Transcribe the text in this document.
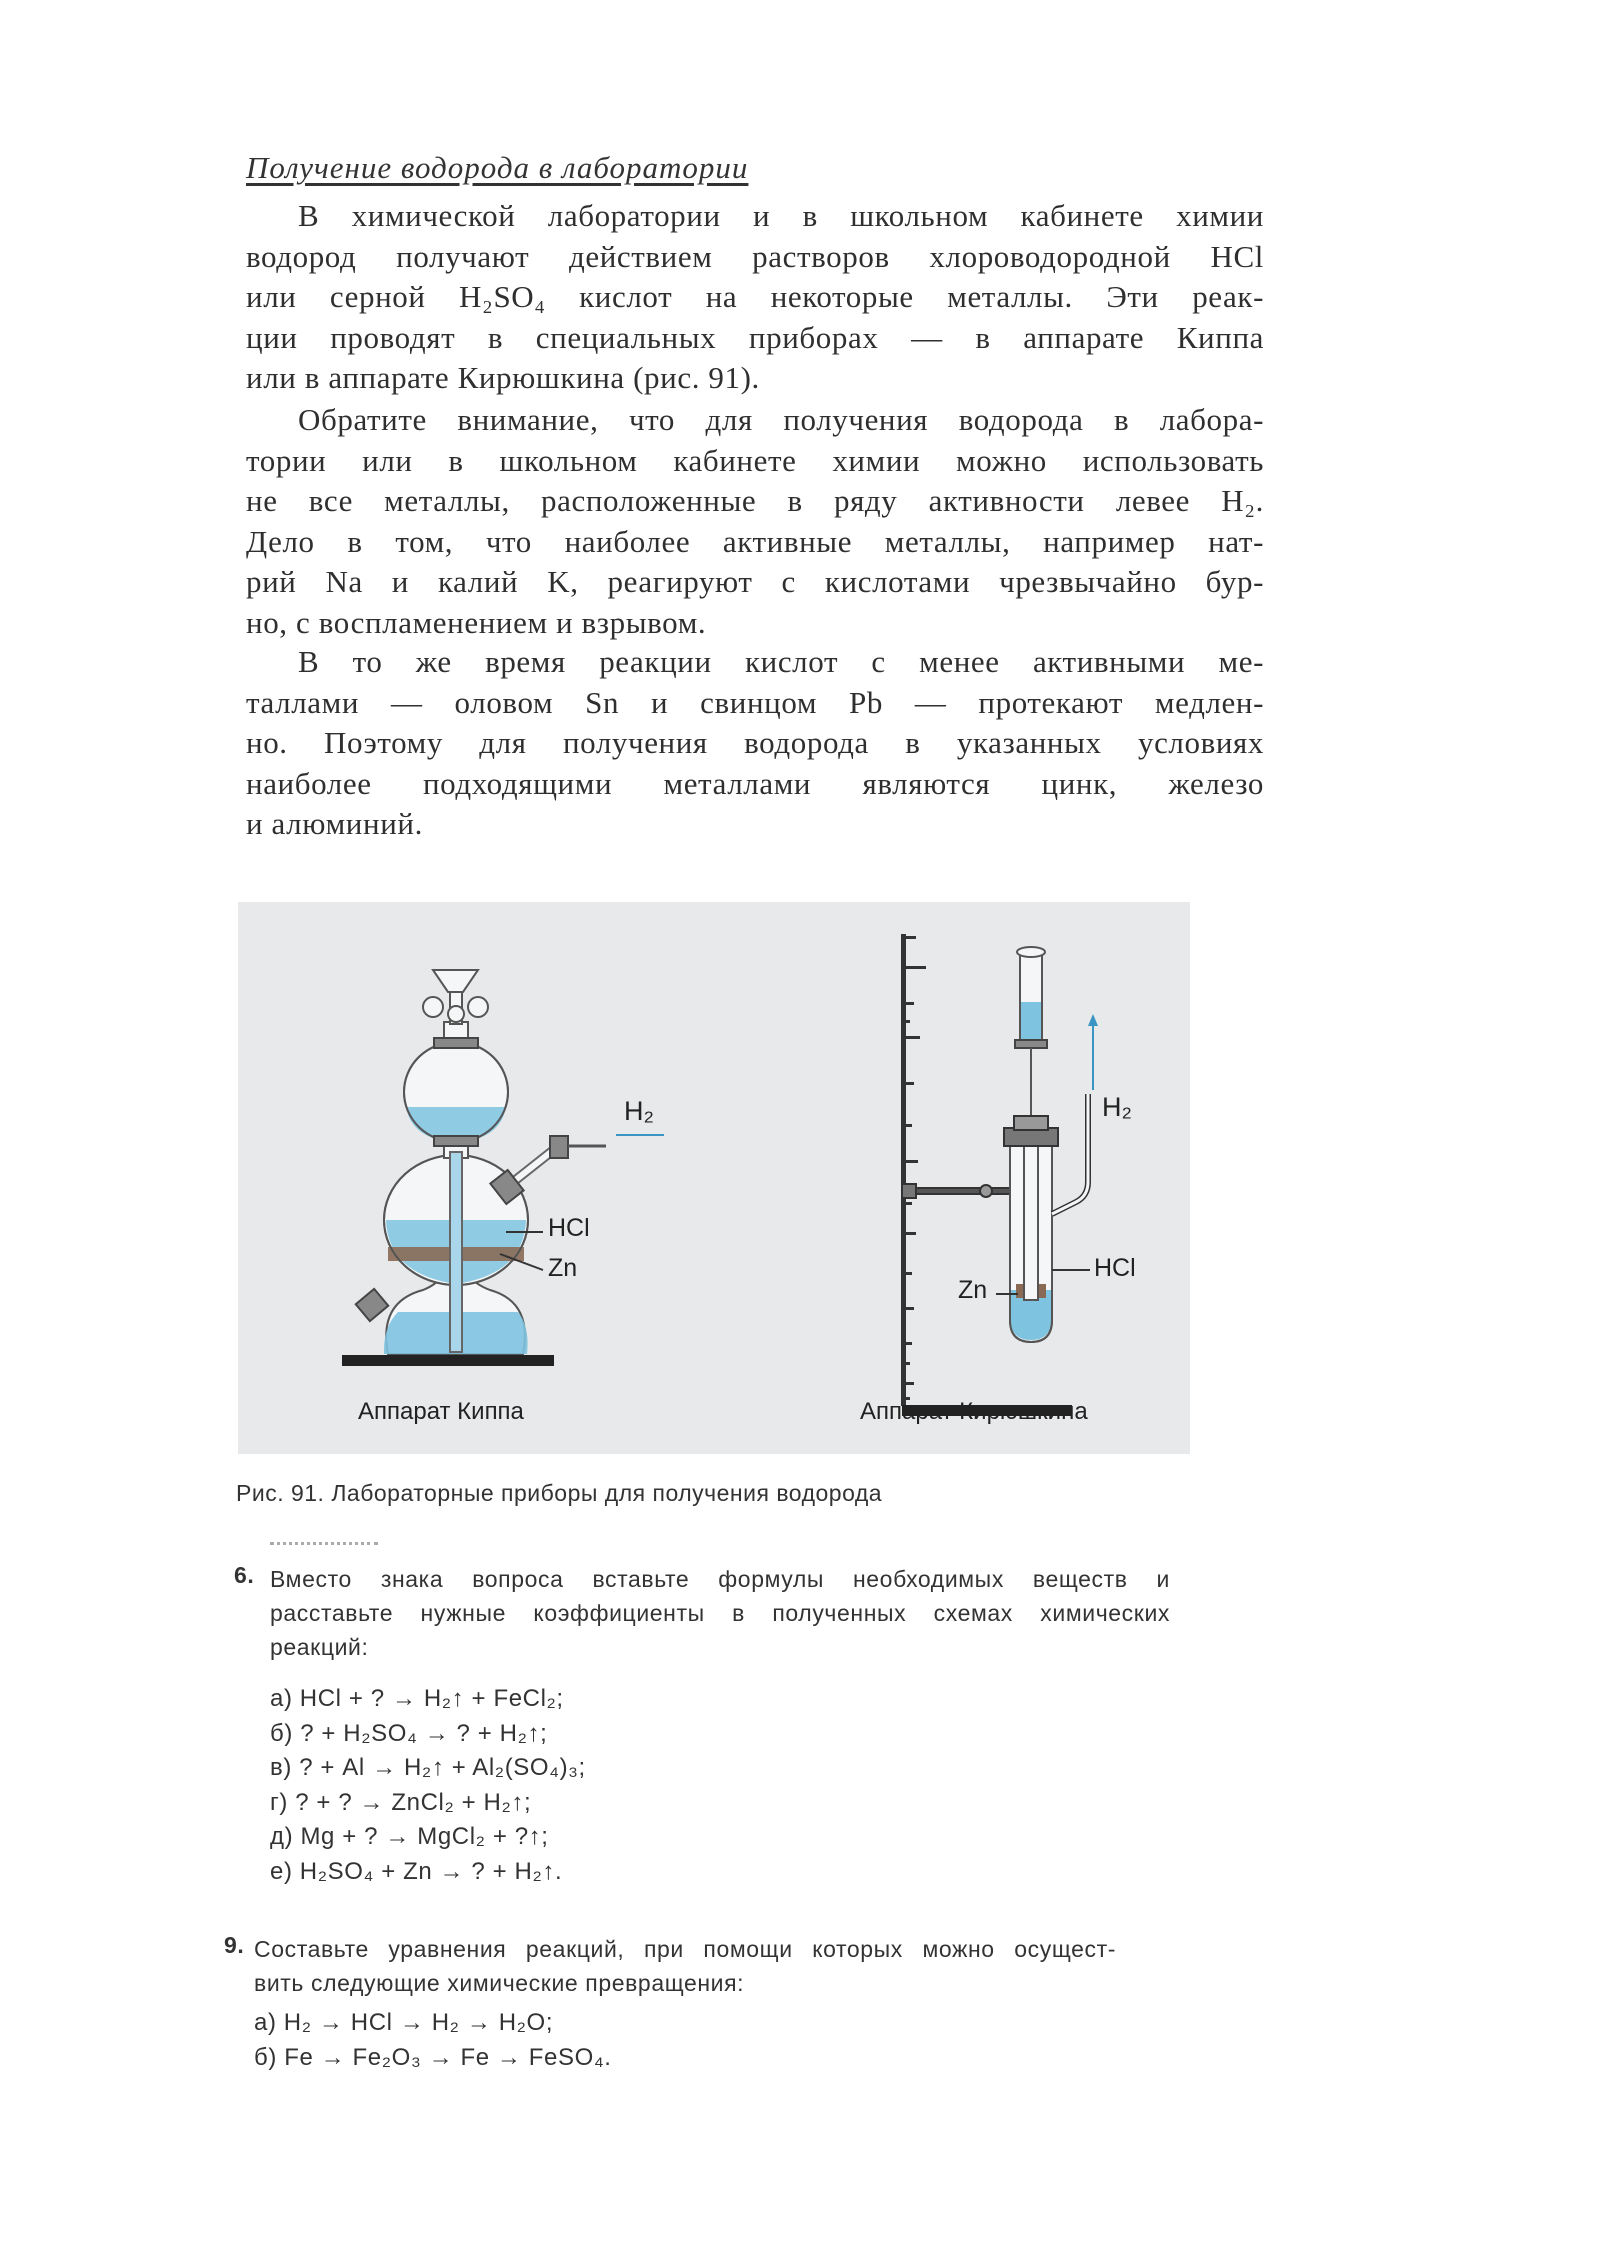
Получение водорода в лаборатории
В химической лаборатории и в школьном кабинете химии
водород получают действием растворов хлороводородной HCl
или серной H₂SO₄ кислот на некоторые металлы. Эти реак-
ции проводят в специальных приборах — в аппарате Киппа
или в аппарате Кирюшкина (рис. 91).
Обратите внимание, что для получения водорода в лабора-
тории или в школьном кабинете химии можно использовать
не все металлы, расположенные в ряду активности левее H₂.
Дело в том, что наиболее активные металлы, например нат-
рий Na и калий K, реагируют с кислотами чрезвычайно бур-
но, с воспламенением и взрывом.
В то же время реакции кислот с менее активными ме-
таллами — оловом Sn и свинцом Pb — протекают медлен-
но. Поэтому для получения водорода в указанных условиях
наиболее подходящими металлами являются цинк, железо
и алюминий.
H₂
HCl
Zn
Аппарат Киппа
H₂
HCl
Zn
Аппарат Кирюшкина
Рис. 91. Лабораторные приборы для получения водорода
6. Вместо знака вопроса вставьте формулы необходимых веществ и
расставьте нужные коэффициенты в полученных схемах химических
реакций:
а) HCl + ? → H₂↑ + FeCl₂;
б) ? + H₂SO₄ → ? + H₂↑;
в) ? + Al → H₂↑ + Al₂(SO₄)₃;
г) ? + ? → ZnCl₂ + H₂↑;
д) Mg + ? → MgCl₂ + ?↑;
е) H₂SO₄ + Zn → ? + H₂↑.
9. Составьте уравнения реакций, при помощи которых можно осущест-
вить следующие химические превращения:
а) H₂ → HCl → H₂ → H₂O;
б) Fe → Fe₂O₃ → Fe → FeSO₄.
